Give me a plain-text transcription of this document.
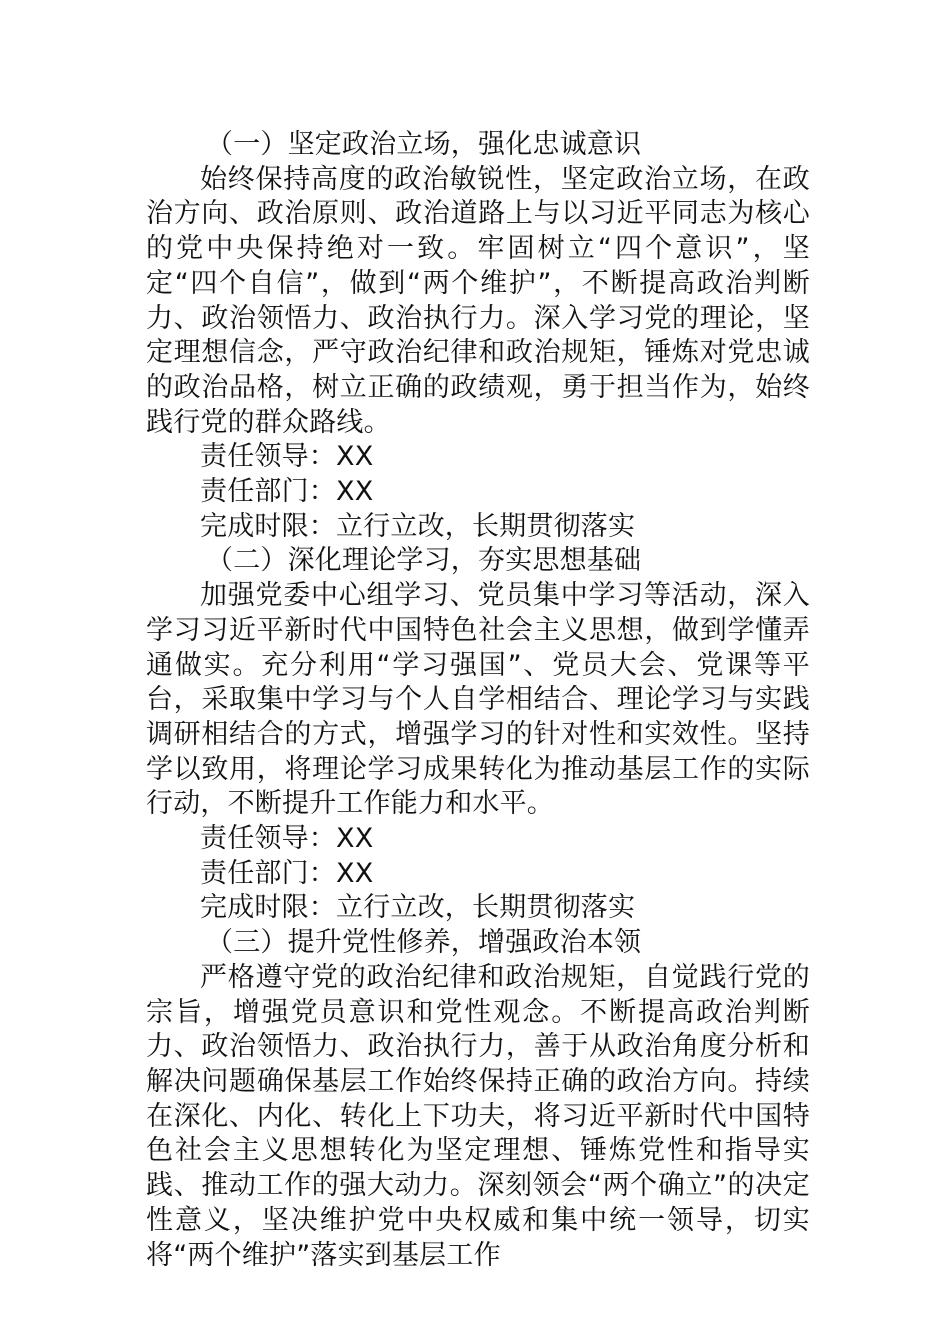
（一）坚定政治立场，强化忠诚意识

始终保持高度的政治敏锐性，坚定政治立场，在政治方向、政治原则、政治道路上与以习近平同志为核心的党中央保持绝对一致。牢固树立“四个意识”，坚定“四个自信”，做到“两个维护”，不断提高政治判断力、政治领悟力、政治执行力。深入学习党的理论，坚定理想信念，严守政治纪律和政治规矩，锤炼对党忠诚的政治品格，树立正确的政绩观，勇于担当作为，始终践行党的群众路线。

责任领导：XX

责任部门：XX

完成时限：立行立改，长期贯彻落实

（二）深化理论学习，夯实思想基础

加强党委中心组学习、党员集中学习等活动，深入学习习近平新时代中国特色社会主义思想，做到学懂弄通做实。充分利用“学习强国”、党员大会、党课等平台，采取集中学习与个人自学相结合、理论学习与实践调研相结合的方式，增强学习的针对性和实效性。坚持学以致用，将理论学习成果转化为推动基层工作的实际行动，不断提升工作能力和水平。

责任领导：XX

责任部门：XX

完成时限：立行立改，长期贯彻落实

（三）提升党性修养，增强政治本领

严格遵守党的政治纪律和政治规矩，自觉践行党的宗旨，增强党员意识和党性观念。不断提高政治判断力、政治领悟力、政治执行力，善于从政治角度分析和解决问题确保基层工作始终保持正确的政治方向。持续在深化、内化、转化上下功夫，将习近平新时代中国特色社会主义思想转化为坚定理想、锤炼党性和指导实践、推动工作的强大动力。深刻领会“两个确立”的决定性意义，坚决维护党中央权威和集中统一领导，切实将“两个维护”落实到基层工作
